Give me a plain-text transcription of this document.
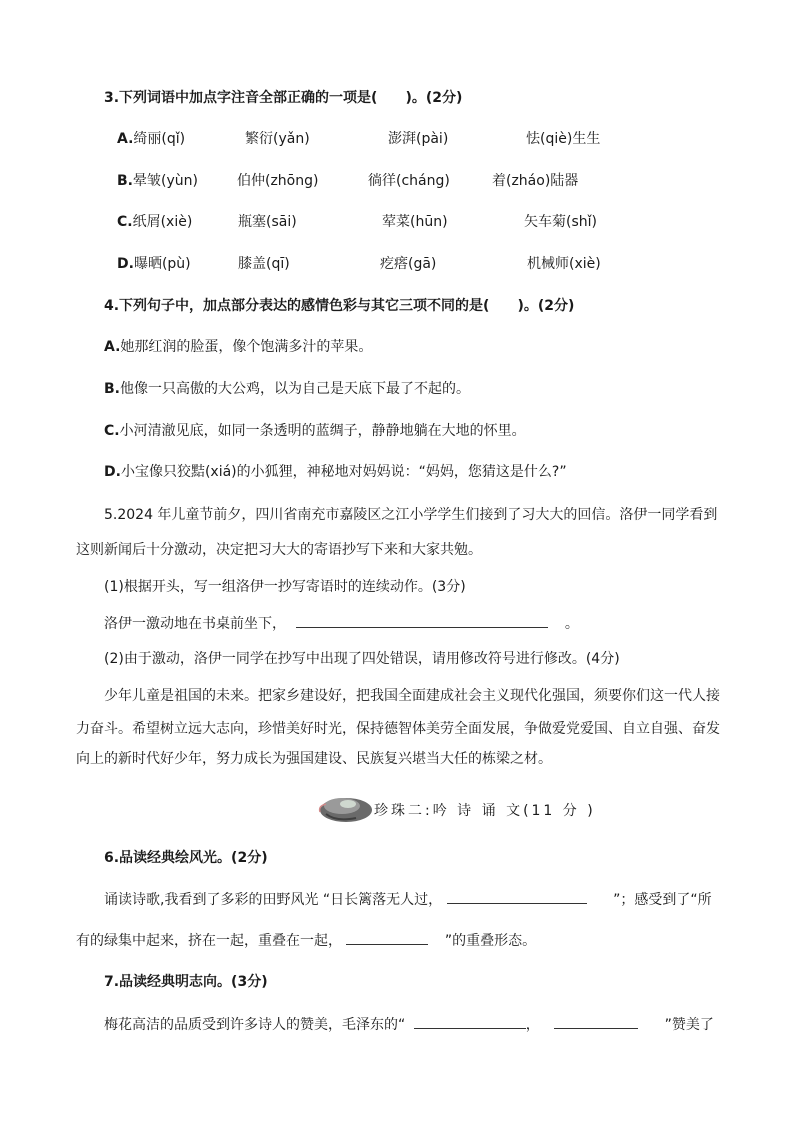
3.下列词语中加点字注音全部正确的一项是(　　)。(2分)
A.绮丽(qǐ)	繁衍(yǎn)	澎湃(pài)	怯(qiè)生生
B.晕皱(yùn)	伯仲(zhōng)	徜徉(cháng)	着(zháo)陆器
C.纸屑(xiè)	瓶塞(sāi)	荤菜(hūn)	矢车菊(shǐ)
D.曝晒(pù)	膝盖(qī)	疙瘩(gā)	机械师(xiè)
4.下列句子中，加点部分表达的感情色彩与其它三项不同的是(　　)。(2分)
A.她那红润的脸蛋，像个饱满多汁的苹果。
B.他像一只高傲的大公鸡，以为自己是天底下最了不起的。
C.小河清澈见底，如同一条透明的蓝绸子，静静地躺在大地的怀里。
D.小宝像只狡黠(xiá)的小狐狸，神秘地对妈妈说：“妈妈，您猜这是什么?”
5.2024 年儿童节前夕，四川省南充市嘉陵区之江小学学生们接到了习大大的回信。洛伊一同学看到
这则新闻后十分激动，决定把习大大的寄语抄写下来和大家共勉。
(1)根据开头，写一组洛伊一抄写寄语时的连续动作。(3分)
洛伊一激动地在书桌前坐下，	。
(2)由于激动，洛伊一同学在抄写中出现了四处错误，请用修改符号进行修改。(4分)
少年儿童是祖国的未来。把家乡建设好，把我国全面建成社会主义现代化强国，须要你们这一代人接
力奋斗。希望树立远大志向，珍惜美好时光，保持德智体美劳全面发展，争做爱党爱国、自立自强、奋发
向上的新时代好少年，努力成长为强国建设、民族复兴堪当大任的栋梁之材。
珍珠二:吟 诗 诵 文(11 分 )
6.品读经典绘风光。(2分)
诵读诗歌,我看到了多彩的田野风光 “日长篱落无人过，	”；感受到了“所
有的绿集中起来，挤在一起，重叠在一起，	”的重叠形态。
7.品读经典明志向。(3分)
梅花高洁的品质受到许多诗人的赞美，毛泽东的“	，	”赞美了
